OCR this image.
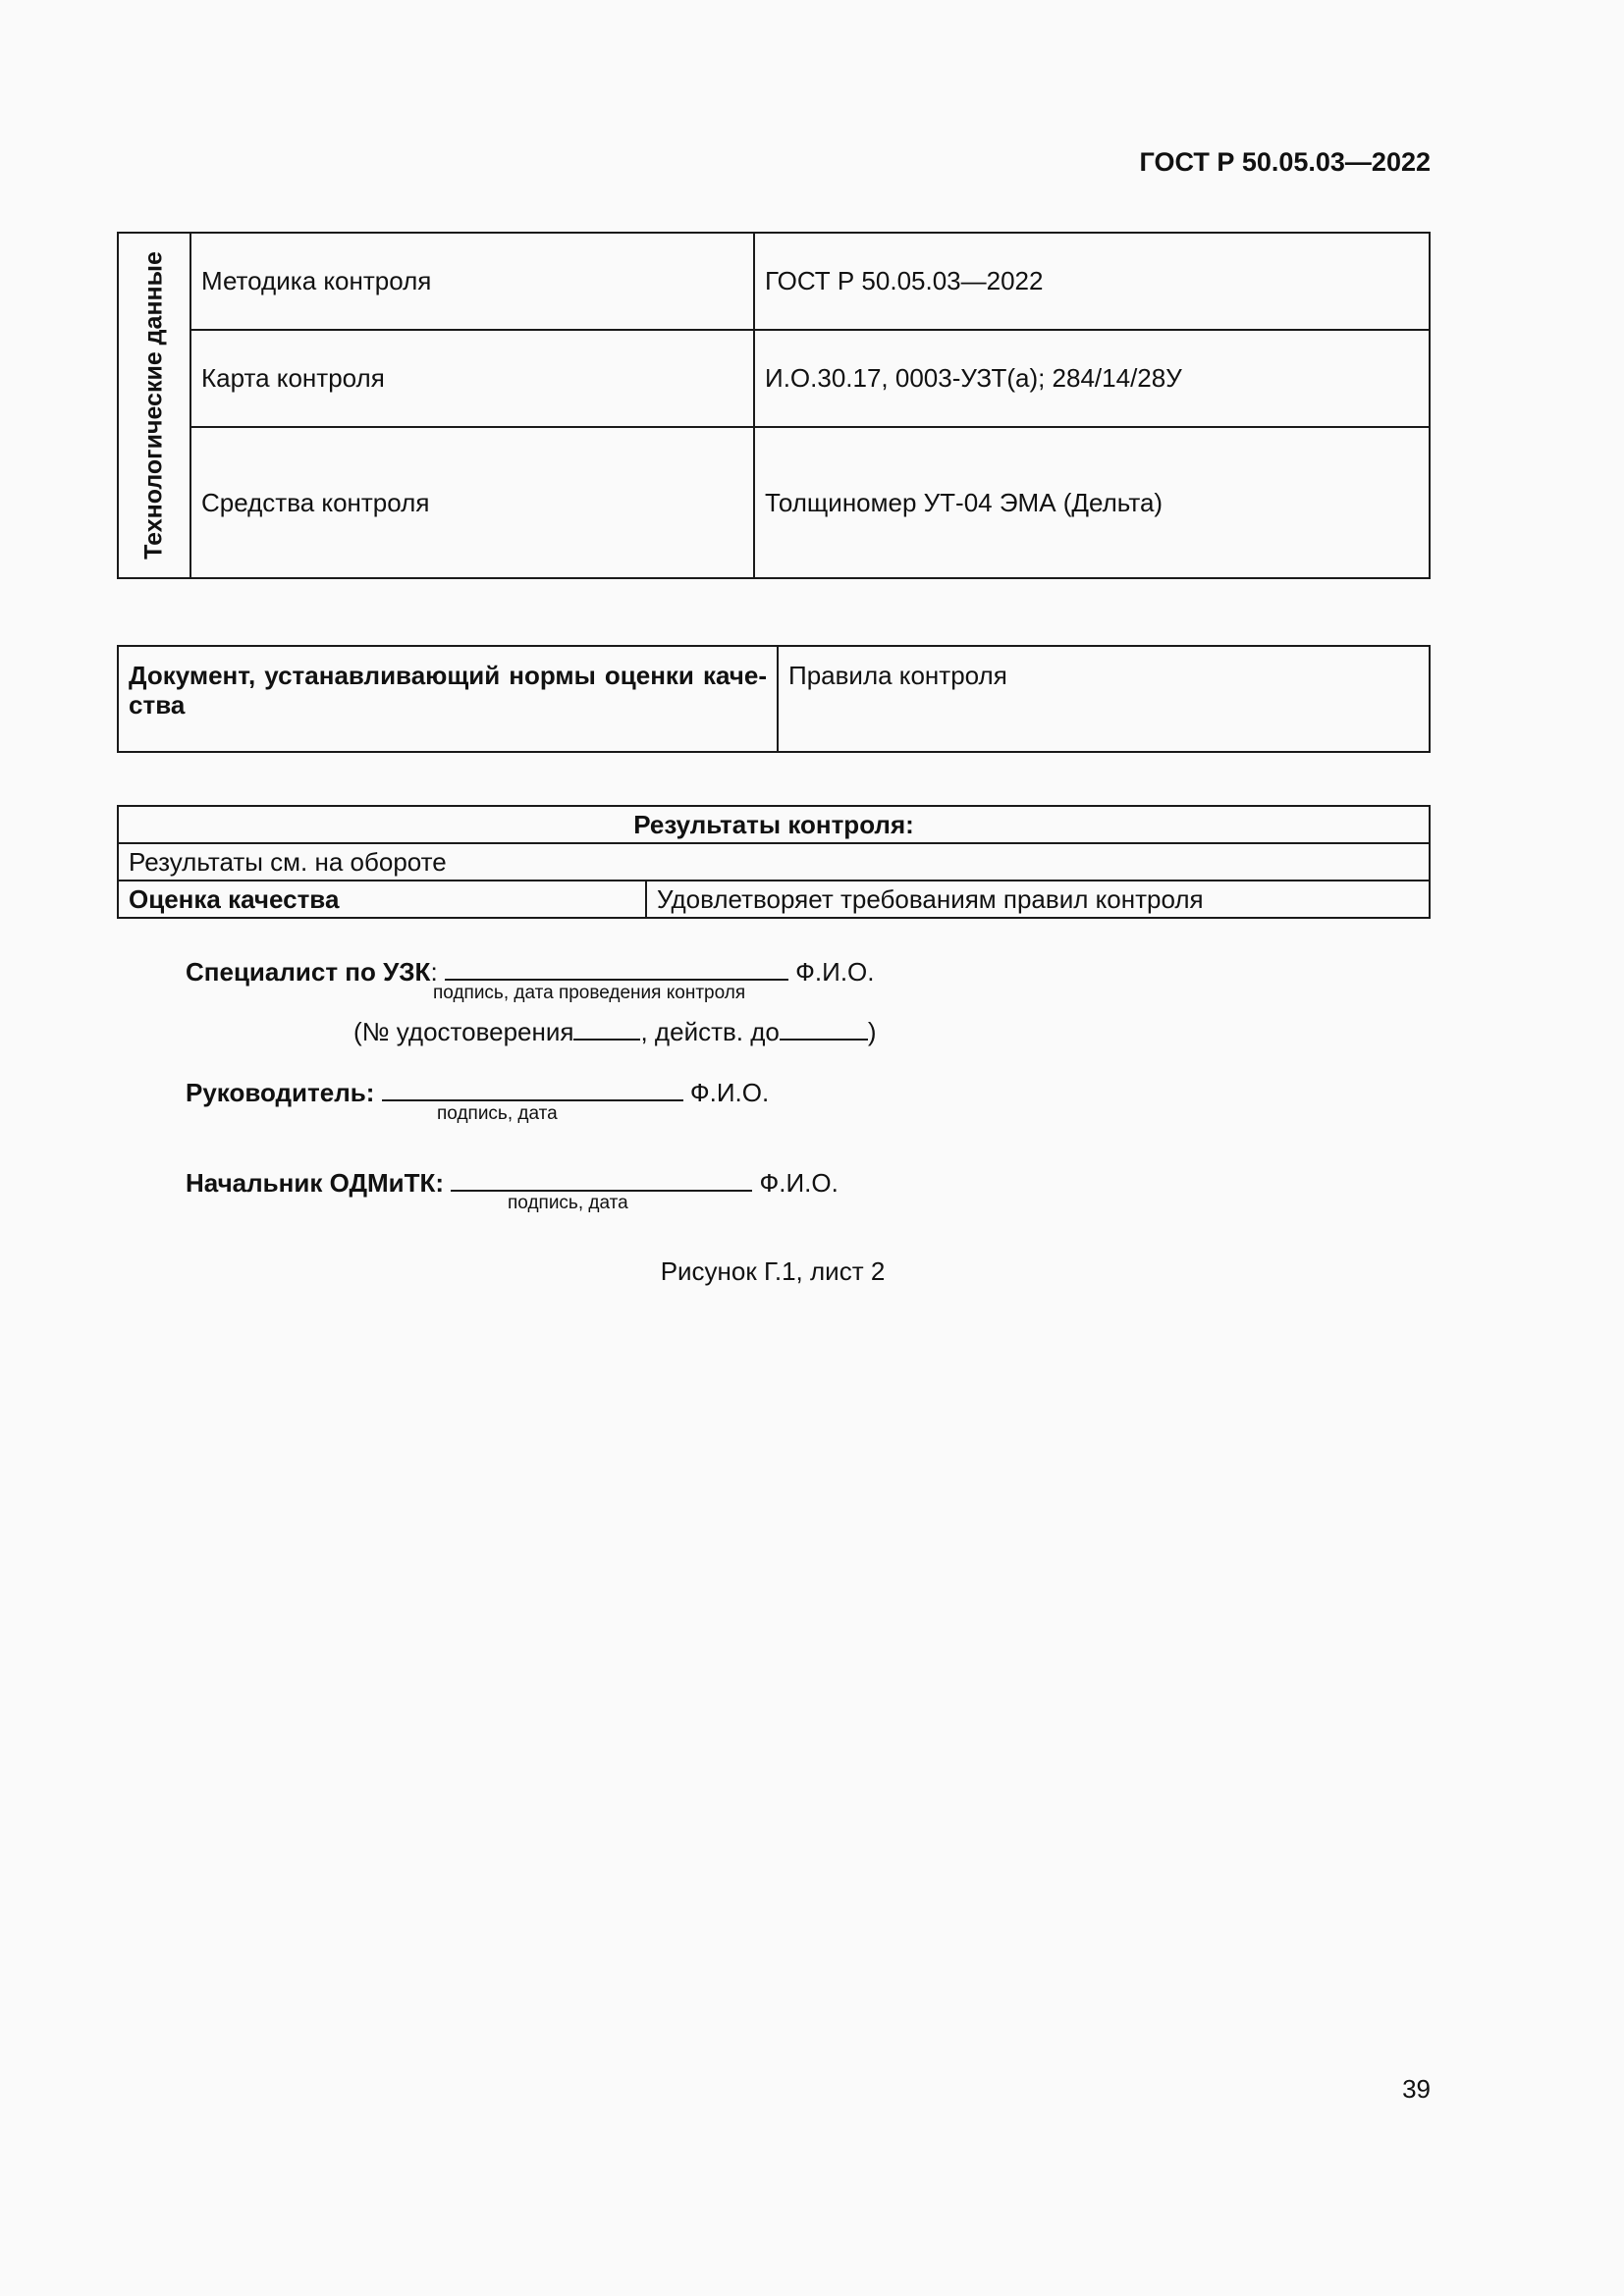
ГОСТ Р 50.05.03—2022
Технологические данные	Методика контроля	ГОСТ Р 50.05.03—2022
	Карта контроля	И.О.30.17, 0003-УЗТ(а); 284/14/28У
	Средства контроля	Толщиномер УТ-04 ЭМА (Дельта)
Документ, устанавливающий нормы оценки каче-ства	Правила контроля
Результаты контроля:
Результаты см. на обороте
Оценка качества	Удовлетворяет требованиям правил контроля
Специалист по УЗК:	Ф.И.О.
подпись, дата проведения контроля
(№ удостоверения	, действ. до	)
Руководитель:	Ф.И.О.
подпись, дата
Начальник ОДМиТК:	Ф.И.О.
подпись, дата
Рисунок Г.1, лист 2
39
